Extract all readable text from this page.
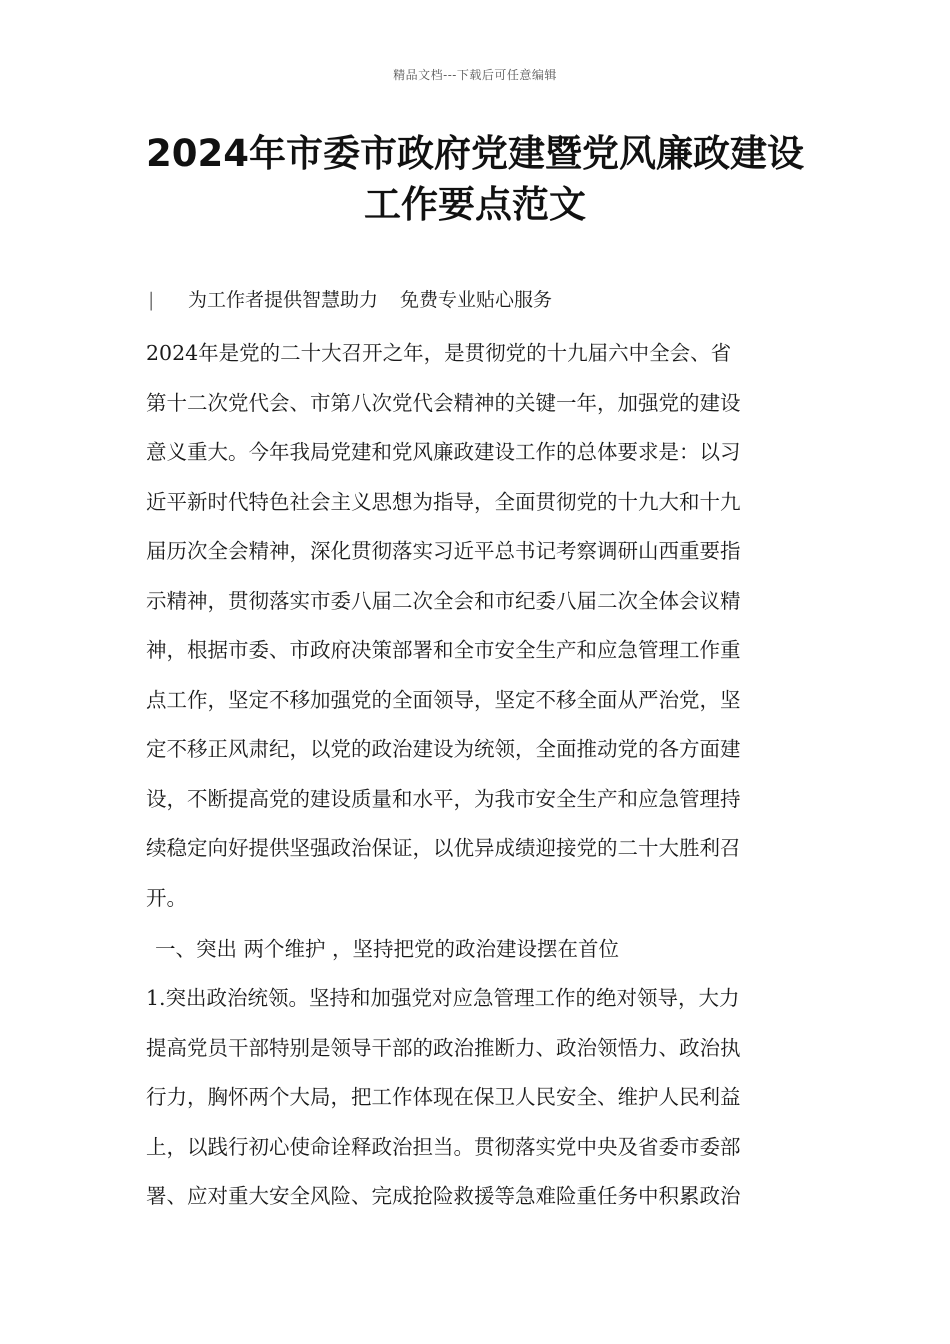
精品文档---下载后可任意编辑
2024年市委市政府党建暨党风廉政建设
工作要点范文
| 为工作者提供智慧助力 免费专业贴心服务
2024年是党的二十大召开之年，是贯彻党的十九届六中全会、省
第十二次党代会、市第八次党代会精神的关键一年，加强党的建设
意义重大。今年我局党建和党风廉政建设工作的总体要求是：以习
近平新时代特色社会主义思想为指导，全面贯彻党的十九大和十九
届历次全会精神，深化贯彻落实习近平总书记考察调研山西重要指
示精神，贯彻落实市委八届二次全会和市纪委八届二次全体会议精
神，根据市委、市政府决策部署和全市安全生产和应急管理工作重
点工作，坚定不移加强党的全面领导，坚定不移全面从严治党，坚
定不移正风肃纪，以党的政治建设为统领，全面推动党的各方面建
设，不断提高党的建设质量和水平，为我市安全生产和应急管理持
续稳定向好提供坚强政治保证，以优异成绩迎接党的二十大胜利召
开。
一、突出 两个维护 ，坚持把党的政治建设摆在首位
1.突出政治统领。坚持和加强党对应急管理工作的绝对领导，大力
提高党员干部特别是领导干部的政治推断力、政治领悟力、政治执
行力，胸怀两个大局，把工作体现在保卫人民安全、维护人民利益
上，以践行初心使命诠释政治担当。贯彻落实党中央及省委市委部
署、应对重大安全风险、完成抢险救援等急难险重任务中积累政治
